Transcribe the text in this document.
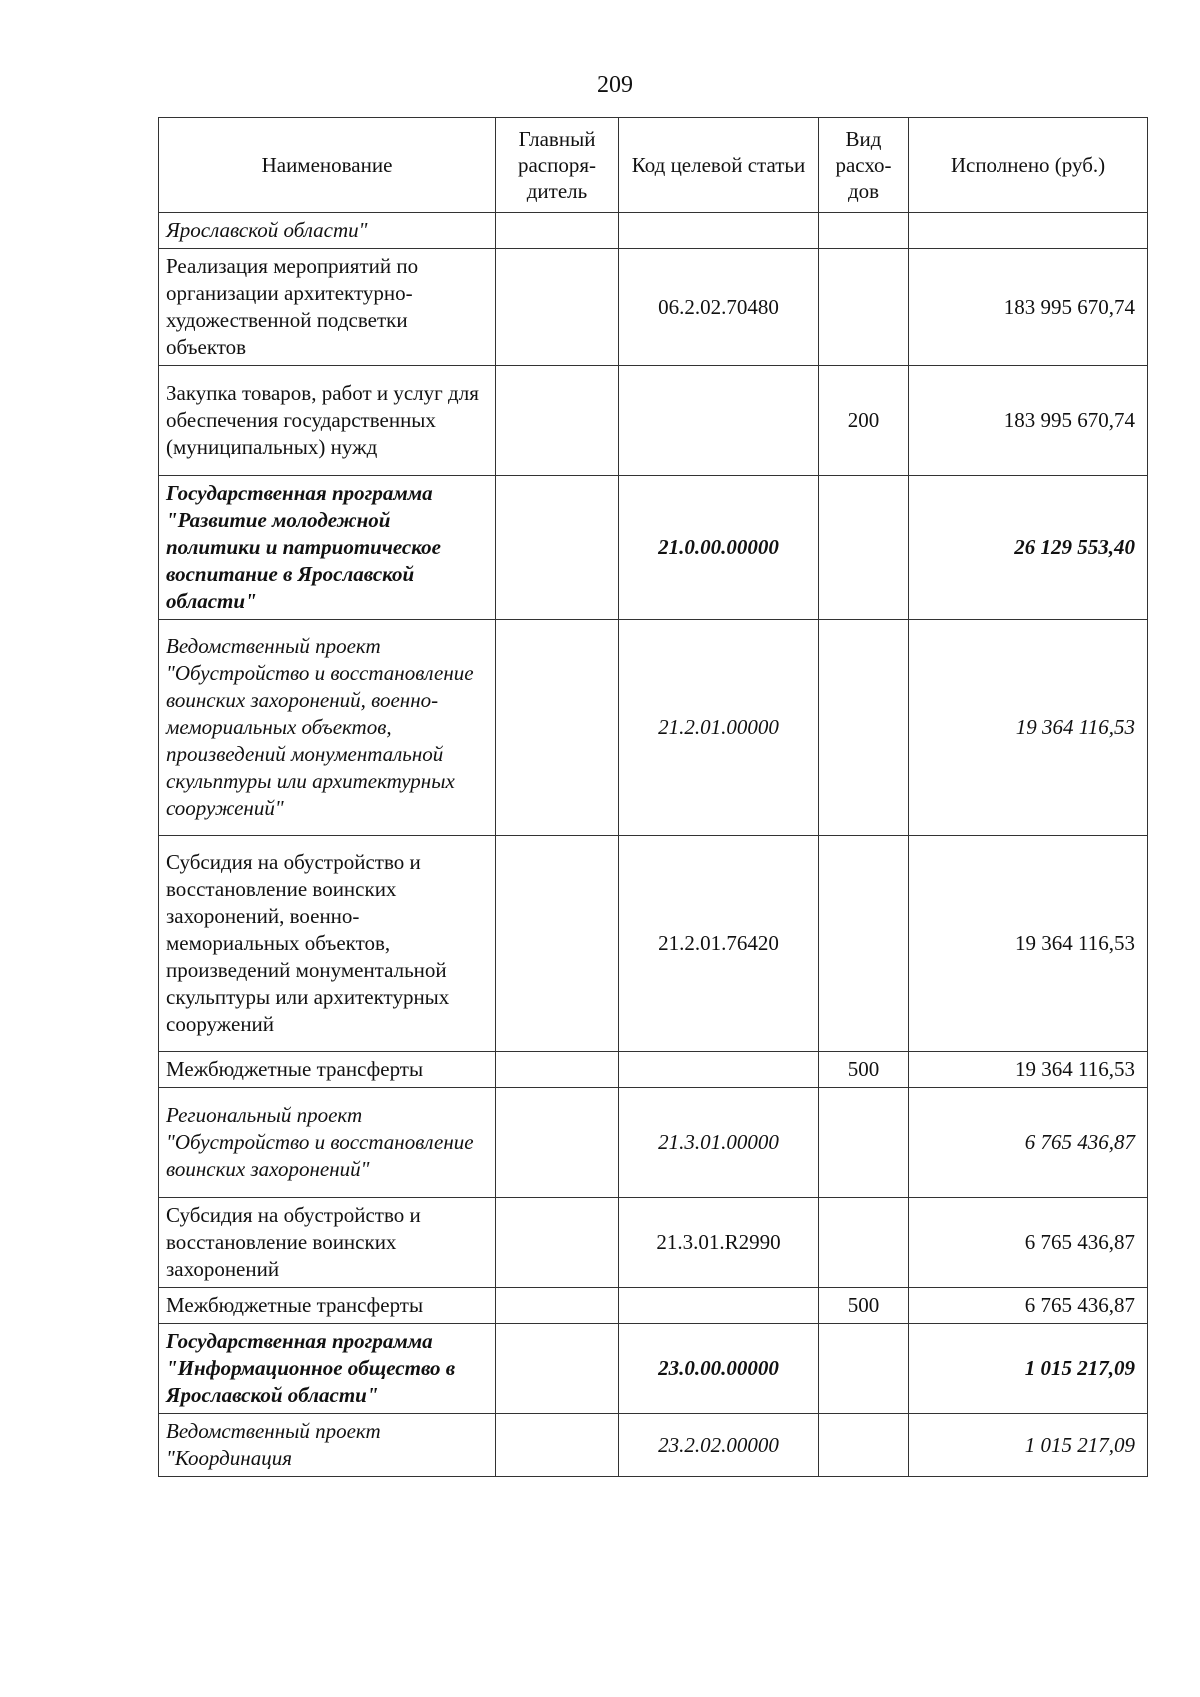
209
Наименование	Главный распоря-дитель	Код целевой статьи	Вид расхо-дов	Исполнено (руб.)
Ярославской области"				
Реализация мероприятий по организации архитектурно-художественной подсветки объектов		06.2.02.70480		183 995 670,74
Закупка товаров, работ и услуг для обеспечения государственных (муниципальных) нужд			200	183 995 670,74
Государственная программа "Развитие молодежной политики и патриотическое воспитание в Ярославской области"		21.0.00.00000		26 129 553,40
Ведомственный проект "Обустройство и восстановление воинских захоронений, военно-мемориальных объектов, произведений монументальной скульптуры или архитектурных сооружений"		21.2.01.00000		19 364 116,53
Субсидия на обустройство и восстановление воинских захоронений, военно-мемориальных объектов, произведений монументальной скульптуры или архитектурных сооружений		21.2.01.76420		19 364 116,53
Межбюджетные трансферты			500	19 364 116,53
Региональный проект "Обустройство и восстановление воинских захоронений"		21.3.01.00000		6 765 436,87
Субсидия на обустройство и восстановление воинских захоронений		21.3.01.R2990		6 765 436,87
Межбюджетные трансферты			500	6 765 436,87
Государственная программа "Информационное общество в Ярославской области"		23.0.00.00000		1 015 217,09
Ведомственный проект "Координация		23.2.02.00000		1 015 217,09
